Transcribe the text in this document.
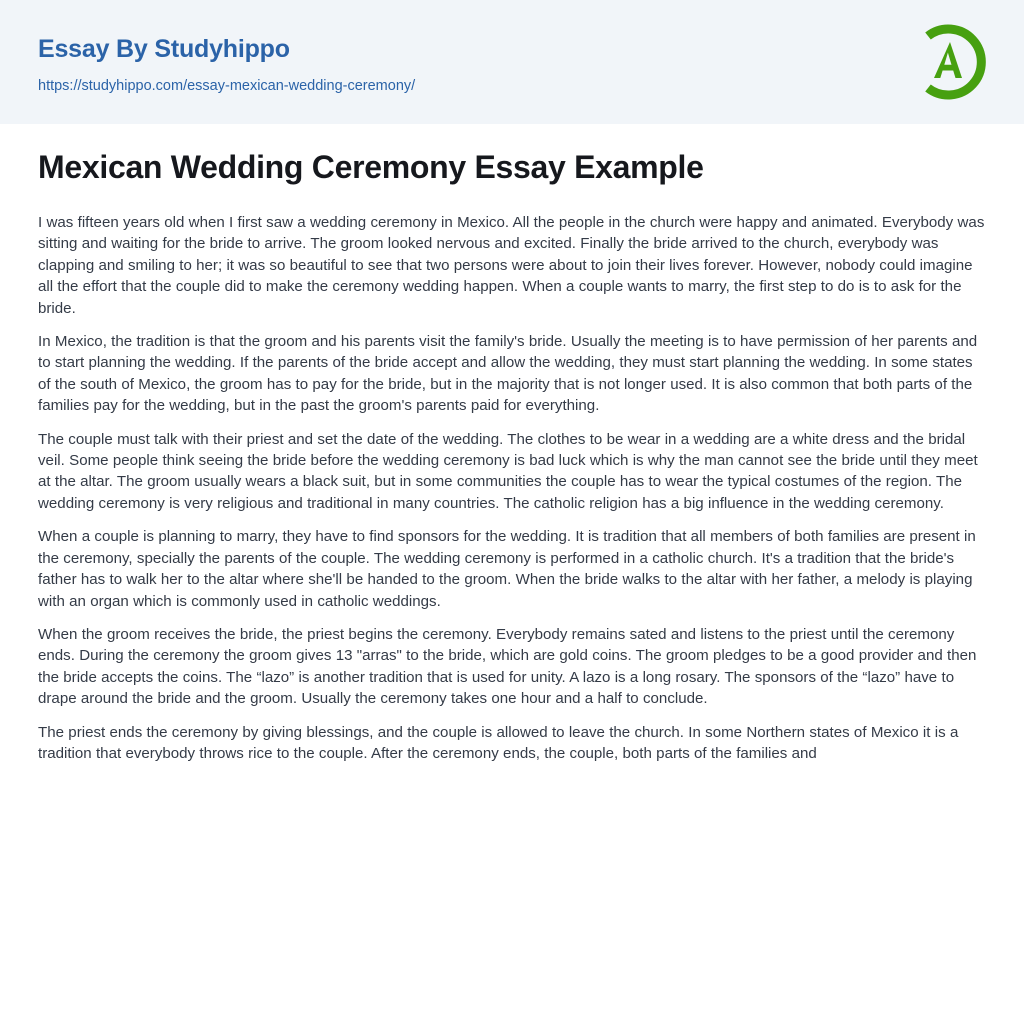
Essay By Studyhippo
https://studyhippo.com/essay-mexican-wedding-ceremony/
Mexican Wedding Ceremony Essay Example

I was fifteen years old when I first saw a wedding ceremony in Mexico. All the people in the church were happy and animated. Everybody was sitting and waiting for the bride to arrive. The groom looked nervous and excited. Finally the bride arrived to the church, everybody was clapping and smiling to her; it was so beautiful to see that two persons were about to join their lives forever. However, nobody could imagine all the effort that the couple did to make the ceremony wedding happen. When a couple wants to marry, the first step to do is to ask for the bride.

In Mexico, the tradition is that the groom and his parents visit the family's bride. Usually the meeting is to have permission of her parents and to start planning the wedding. If the parents of the bride accept and allow the wedding, they must start planning the wedding. In some states of the south of Mexico, the groom has to pay for the bride, but in the majority that is not longer used. It is also common that both parts of the families pay for the wedding, but in the past the groom's parents paid for everything.

The couple must talk with their priest and set the date of the wedding. The clothes to be wear in a wedding are a white dress and the bridal veil. Some people think seeing the bride before the wedding ceremony is bad luck which is why the man cannot see the bride until they meet at the altar. The groom usually wears a black suit, but in some communities the couple has to wear the typical costumes of the region. The wedding ceremony is very religious and traditional in many countries. The catholic religion has a big influence in the wedding ceremony.

When a couple is planning to marry, they have to find sponsors for the wedding. It is tradition that all members of both families are present in the ceremony, specially the parents of the couple. The wedding ceremony is performed in a catholic church. It's a tradition that the bride's father has to walk her to the altar where she'll be handed to the groom. When the bride walks to the altar with her father, a melody is playing with an organ which is commonly used in catholic weddings.

When the groom receives the bride, the priest begins the ceremony. Everybody remains sated and listens to the priest until the ceremony ends. During the ceremony the groom gives 13 "arras" to the bride, which are gold coins. The groom pledges to be a good provider and then the bride accepts the coins. The “lazo” is another tradition that is used for unity. A lazo is a long rosary. The sponsors of the “lazo” have to drape around the bride and the groom. Usually the ceremony takes one hour and a half to conclude.

The priest ends the ceremony by giving blessings, and the couple is allowed to leave the church. In some Northern states of Mexico it is a tradition that everybody throws rice to the couple. After the ceremony ends, the couple, both parts of the families and
